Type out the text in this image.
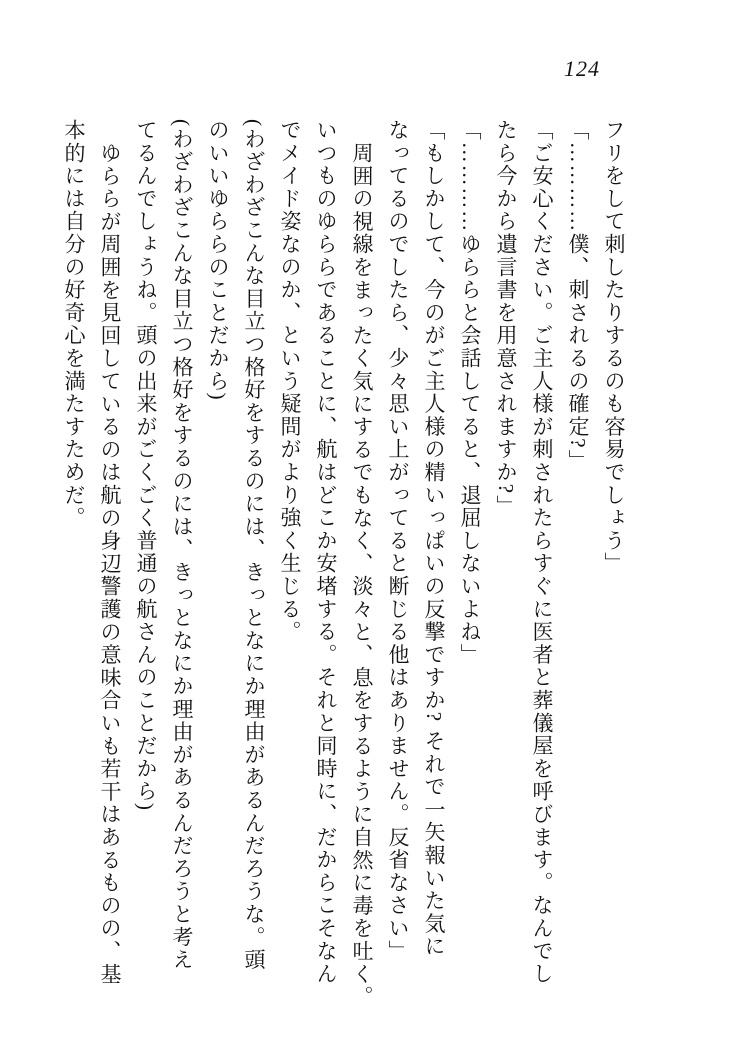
124

フリをして刺したりするのも容易でしょう」

「…………僕、刺されるの確定?」

「ご安心ください。ご主人様が刺されたらすぐに医者と葬儀屋を呼びます。なんでし

たら今から遺言書を用意されますか?」

「…………ゆららと会話してると、退屈しないよね」

「もしかして、今のがご主人様の精いっぱいの反撃ですか? それで一矢報いた気に

なってるのでしたら、少々思い上がってると断じる他はありません。反省なさい」

周囲の視線をまったく気にするでもなく、淡々と、息をするように自然に毒を吐く。

いつものゆららであることに、航はどこか安堵する。それと同時に、だからこそなん

でメイド姿なのか、という疑問がより強く生じる。

(わざわざこんな目立つ格好をするのには、きっとなにか理由があるんだろうな。頭

のいいゆららのことだから)

(わざわざこんな目立つ格好をするのには、きっとなにか理由があるんだろうと考え

てるんでしょうね。頭の出来がごくごく普通の航さんのことだから)

ゆららが周囲を見回しているのは航の身辺警護の意味合いも若干はあるものの、基

本的には自分の好奇心を満たすためだ。
